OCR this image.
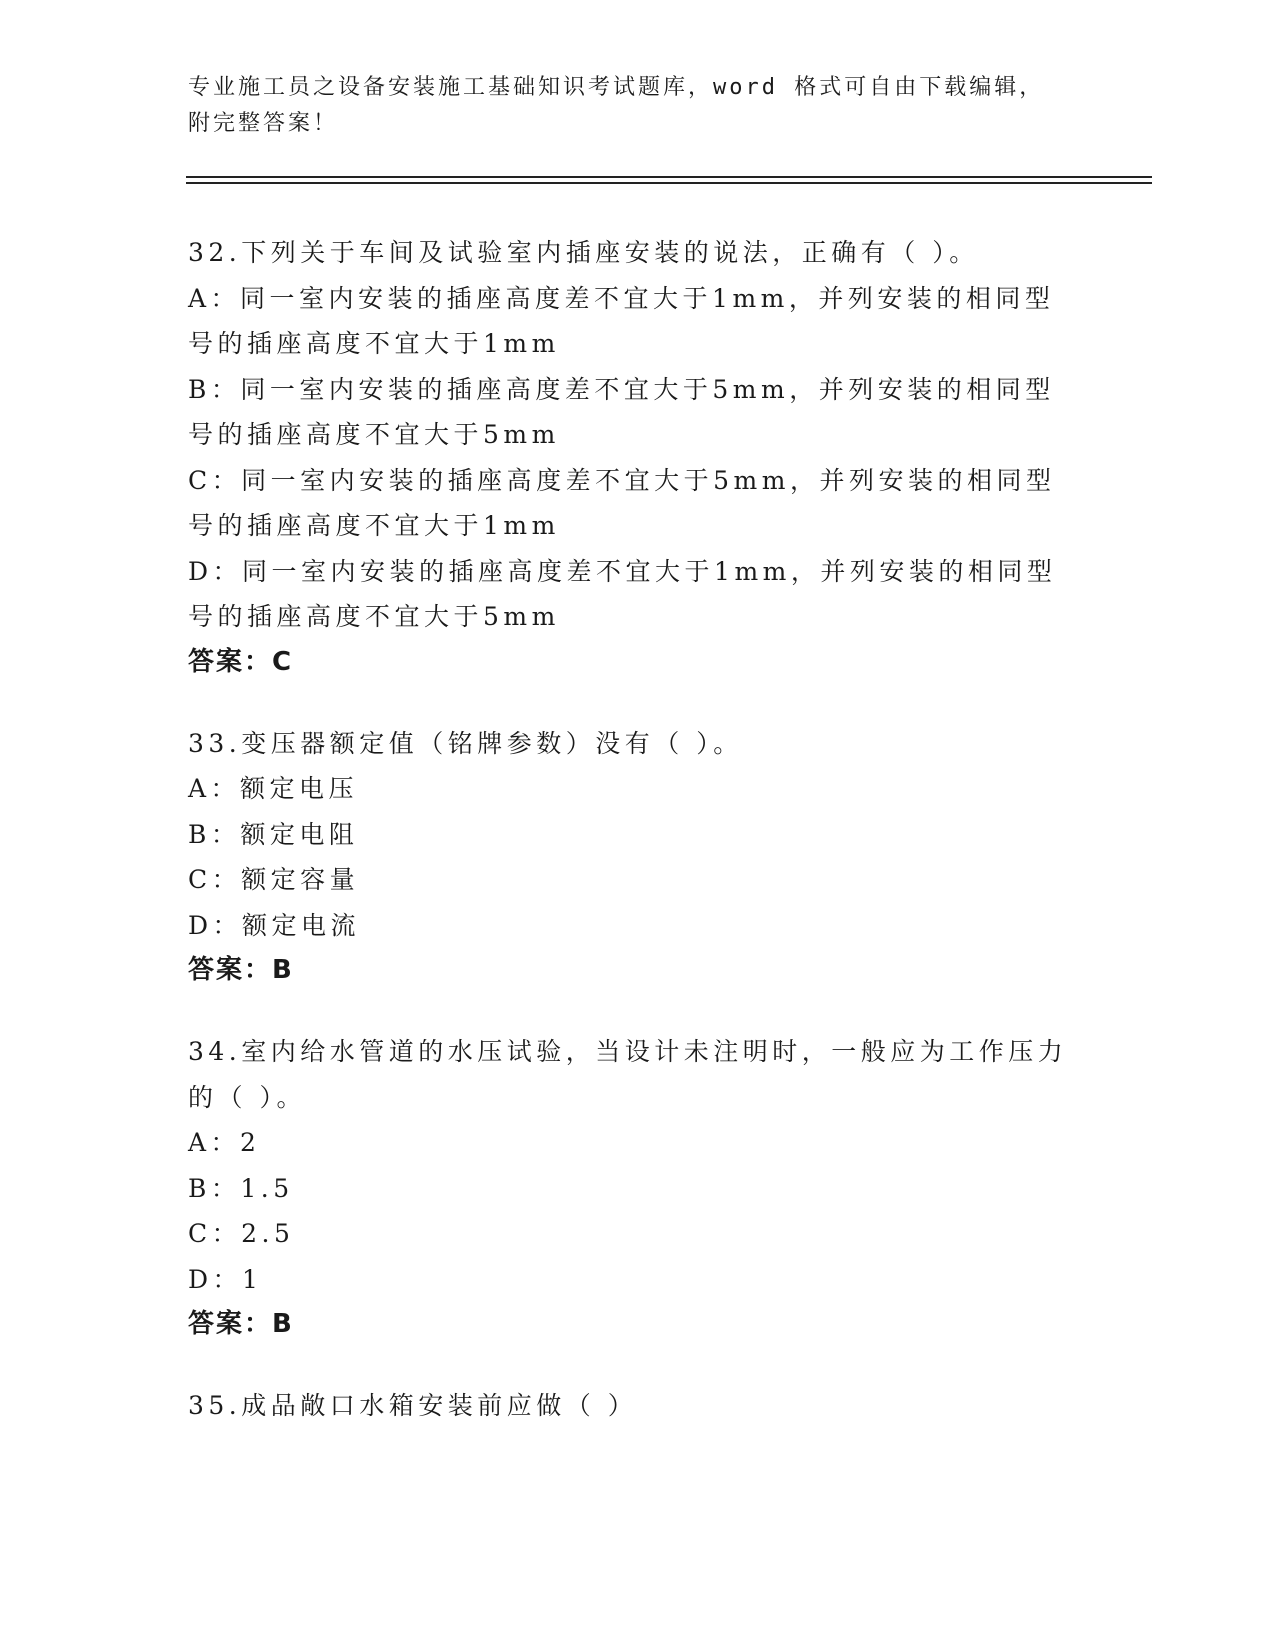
专业施工员之设备安装施工基础知识考试题库，word 格式可自由下载编辑，附完整答案！
32.下列关于车间及试验室内插座安装的说法，正确有（ ）。
A：同一室内安装的插座高度差不宜大于1mm，并列安装的相同型号的插座高度不宜大于1mm
B：同一室内安装的插座高度差不宜大于5mm，并列安装的相同型号的插座高度不宜大于5mm
C：同一室内安装的插座高度差不宜大于5mm，并列安装的相同型号的插座高度不宜大于1mm
D：同一室内安装的插座高度差不宜大于1mm，并列安装的相同型号的插座高度不宜大于5mm
答案：C
33.变压器额定值（铭牌参数）没有（ ）。
A：额定电压
B：额定电阻
C：额定容量
D：额定电流
答案：B
34.室内给水管道的水压试验，当设计未注明时，一般应为工作压力的（ ）。
A：2
B：1.5
C：2.5
D：1
答案：B
35.成品敞口水箱安装前应做（ ）
